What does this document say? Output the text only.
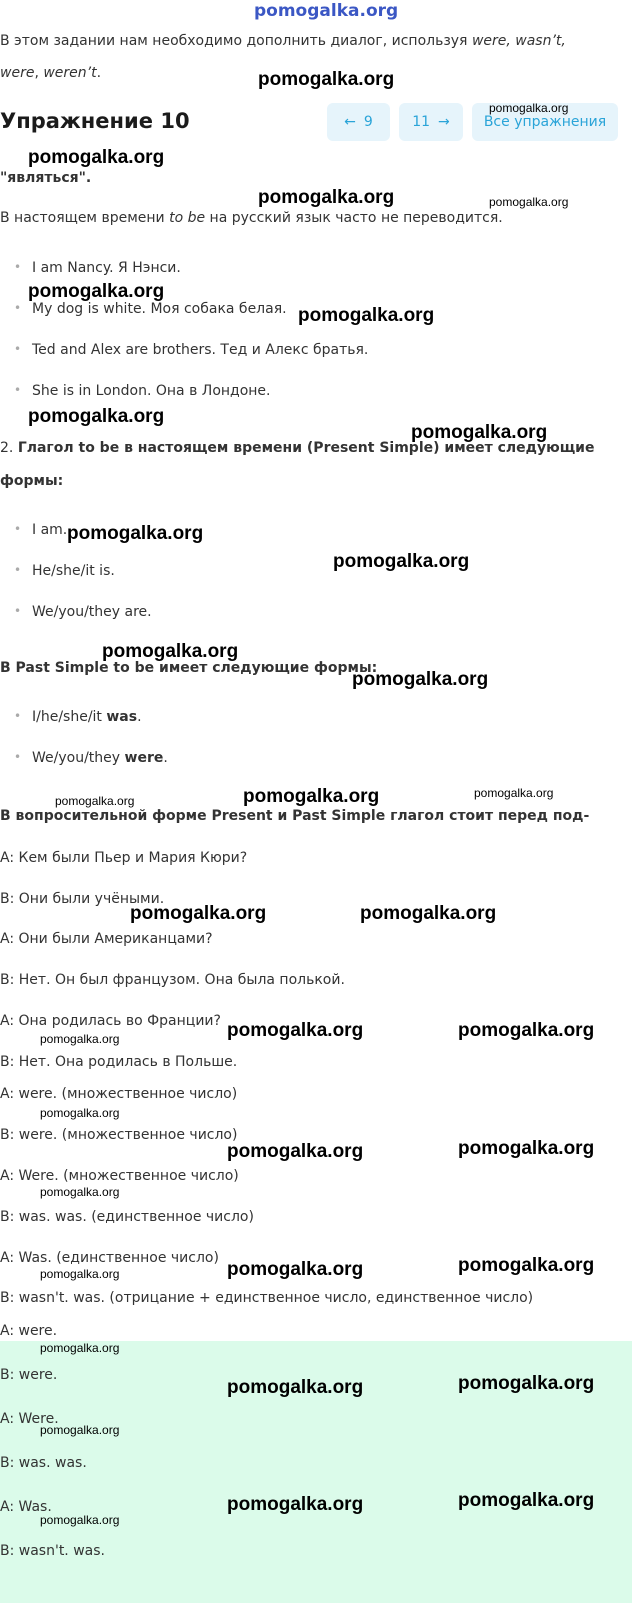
pomogalka.org
В этом задании нам необходимо дополнить диалог, используя were, wasn’t,
were, weren’t.
Упражнение 10	← 9	11 → Все упражнения
"являться".
В настоящем времени to be на русский язык часто не переводится.
• I am Nancy. Я Нэнси.
• My dog is white. Моя собака белая.
• Ted and Alex are brothers. Тед и Алекс братья.
• She is in London. Она в Лондоне.
2. Глагол to be в настоящем времени (Present Simple) имеет следующие
формы:
• I am.
• He/she/it is.
• We/you/they are.
В Past Simple to be имеет следующие формы:
• I/he/she/it was.
• We/you/they were.
В вопросительной форме Present и Past Simple глагол стоит перед под-
A: Кем были Пьер и Мария Кюри?
B: Они были учёными.
A: Они были Американцами?
B: Нет. Он был французом. Она была полькой.
A: Она родилась во Франции?
B: Нет. Она родилась в Польше.
A: were. (множественное число)
B: were. (множественное число)
A: Were. (множественное число)
B: was. was. (единственное число)
A: Was. (единственное число)
B: wasn't. was. (отрицание + единственное число, единственное число)
A: were.
B: were.
A: Were.
B: was. was.
A: Was.
B: wasn't. was.
pomogalka.org
pomogalka.org
pomogalka.org
pomogalka.org
pomogalka.org
pomogalka.org
pomogalka.org
pomogalka.org
pomogalka.org
pomogalka.org
pomogalka.org
pomogalka.org
pomogalka.org	pomogalka.org
pomogalka.org	pomogalka.org
pomogalka.org	pomogalka.org
pomogalka.org	pomogalka.org
pomogalka.org	pomogalka.org
pomogalka.org	pomogalka.org
pomogalka.org
pomogalka.org
pomogalka.org
pomogalka.org
pomogalka.org
pomogalka.org
pomogalka.org
pomogalka.org
pomogalka.org
pomogalka.org
pomogalka.org
